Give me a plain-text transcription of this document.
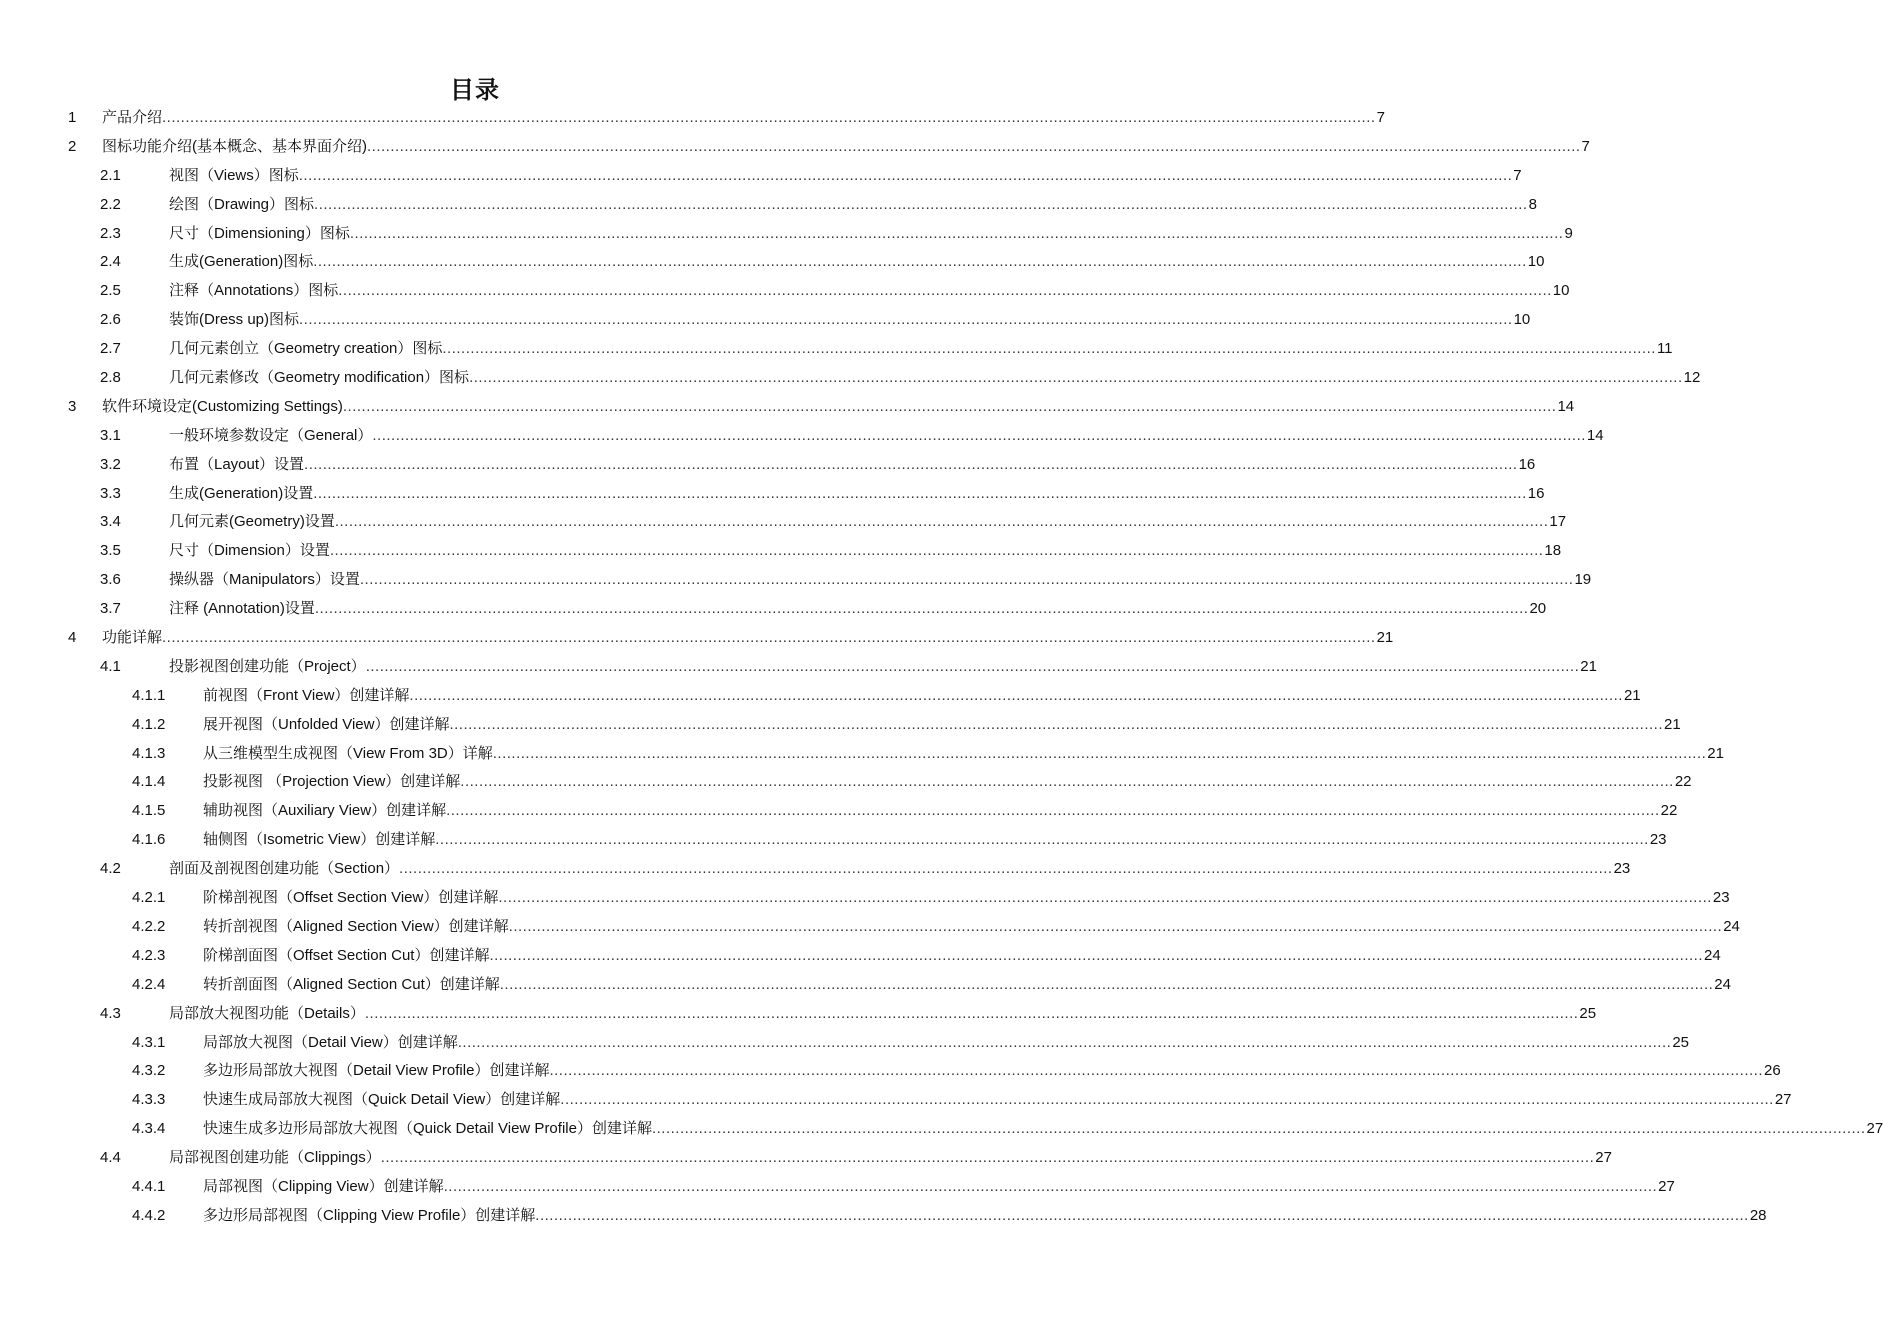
目录
1 产品介绍 .................................................................................................................................................................................................................................................................... 7
2 图标功能介绍(基本概念、基本界面介绍) .................................................................................................................................................................................................................................................................... 7
2.1	视图（Views）图标 .................................................................................................................................................................................................................................................................... 7
2.2	绘图（Drawing）图标 .................................................................................................................................................................................................................................................................... 8
2.3	尺寸（Dimensioning）图标 .................................................................................................................................................................................................................................................................... 9
2.4	生成(Generation)图标 .................................................................................................................................................................................................................................................................... 10
2.5	注释（Annotations）图标 .................................................................................................................................................................................................................................................................... 10
2.6	装饰(Dress up)图标 .................................................................................................................................................................................................................................................................... 10
2.7	几何元素创立（Geometry creation）图标 .................................................................................................................................................................................................................................................................... 11
2.8	几何元素修改（Geometry modification）图标 .................................................................................................................................................................................................................................................................... 12
3 软件环境设定(Customizing Settings) .................................................................................................................................................................................................................................................................... 14
3.1	一般环境参数设定（General） .................................................................................................................................................................................................................................................................... 14
3.2	布置（Layout）设置 .................................................................................................................................................................................................................................................................... 16
3.3	生成(Generation)设置 .................................................................................................................................................................................................................................................................... 16
3.4	几何元素(Geometry)设置 .................................................................................................................................................................................................................................................................... 17
3.5	尺寸（Dimension）设置 .................................................................................................................................................................................................................................................................... 18
3.6	操纵器（Manipulators）设置 .................................................................................................................................................................................................................................................................... 19
3.7	注释 (Annotation)设置 .................................................................................................................................................................................................................................................................... 20
4 功能详解 .................................................................................................................................................................................................................................................................... 21
4.1	投影视图创建功能（Project） .................................................................................................................................................................................................................................................................... 21
4.1.1	前视图（Front View）创建详解 .................................................................................................................................................................................................................................................................... 21
4.1.2	展开视图（Unfolded View）创建详解 .................................................................................................................................................................................................................................................................... 21
4.1.3	从三维模型生成视图（View From 3D）详解 .................................................................................................................................................................................................................................................................... 21
4.1.4	投影视图 （Projection View）创建详解 .................................................................................................................................................................................................................................................................... 22
4.1.5	辅助视图（Auxiliary View）创建详解 .................................................................................................................................................................................................................................................................... 22
4.1.6	轴侧图（Isometric View）创建详解 .................................................................................................................................................................................................................................................................... 23
4.2	剖面及剖视图创建功能（Section） .................................................................................................................................................................................................................................................................... 23
4.2.1	阶梯剖视图（Offset Section View）创建详解 .................................................................................................................................................................................................................................................................... 23
4.2.2	转折剖视图（Aligned Section View）创建详解 .................................................................................................................................................................................................................................................................... 24
4.2.3	阶梯剖面图（Offset Section Cut）创建详解 .................................................................................................................................................................................................................................................................... 24
4.2.4	转折剖面图（Aligned Section Cut）创建详解 .................................................................................................................................................................................................................................................................... 24
4.3	局部放大视图功能（Details） .................................................................................................................................................................................................................................................................... 25
4.3.1	局部放大视图（Detail View）创建详解 .................................................................................................................................................................................................................................................................... 25
4.3.2	多边形局部放大视图（Detail View Profile）创建详解 .................................................................................................................................................................................................................................................................... 26
4.3.3	快速生成局部放大视图（Quick Detail View）创建详解 .................................................................................................................................................................................................................................................................... 27
4.3.4	快速生成多边形局部放大视图（Quick Detail View Profile）创建详解 .................................................................................................................................................................................................................................................................... 27
4.4	局部视图创建功能（Clippings） .................................................................................................................................................................................................................................................................... 27
4.4.1	局部视图（Clipping View）创建详解 .................................................................................................................................................................................................................................................................... 27
4.4.2	多边形局部视图（Clipping View Profile）创建详解 .................................................................................................................................................................................................................................................................... 28
